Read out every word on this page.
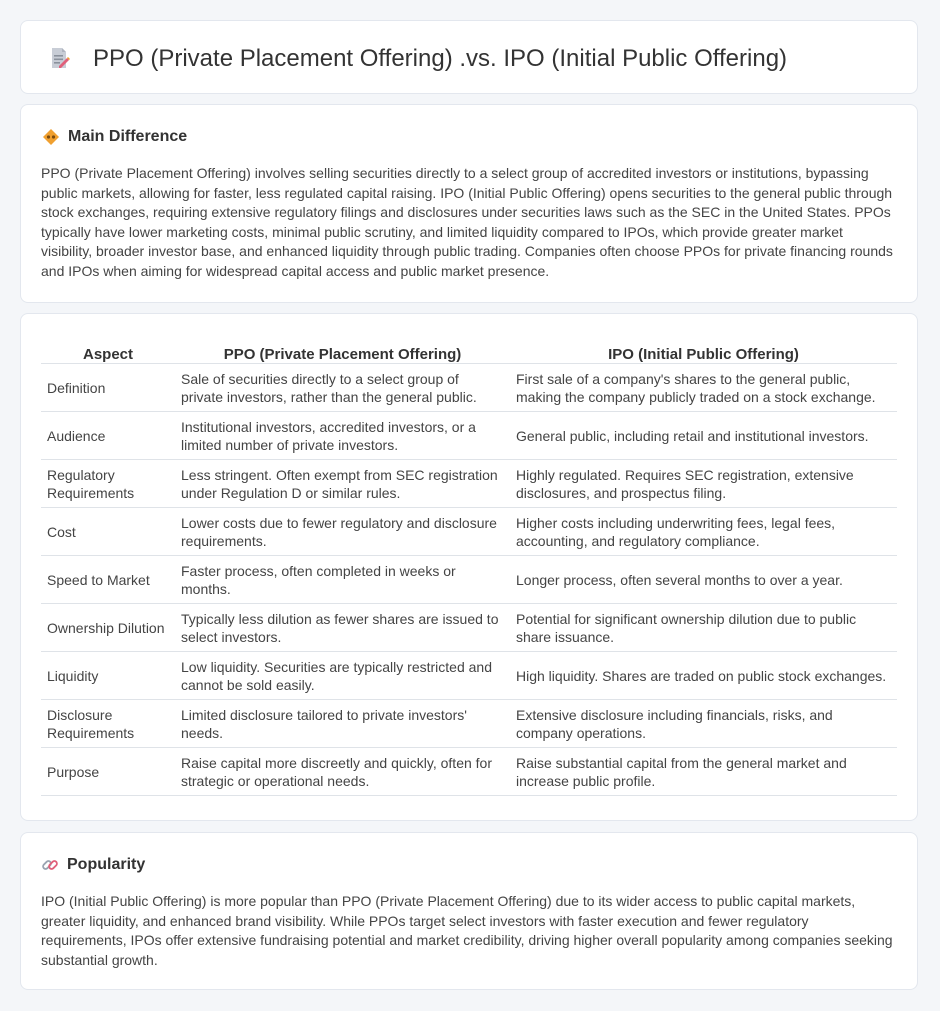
PPO (Private Placement Offering) .vs. IPO (Initial Public Offering)
Main Difference

PPO (Private Placement Offering) involves selling securities directly to a select group of accredited investors or institutions, bypassing public markets, allowing for faster, less regulated capital raising. IPO (Initial Public Offering) opens securities to the general public through stock exchanges, requiring extensive regulatory filings and disclosures under securities laws such as the SEC in the United States. PPOs typically have lower marketing costs, minimal public scrutiny, and limited liquidity compared to IPOs, which provide greater market visibility, broader investor base, and enhanced liquidity through public trading. Companies often choose PPOs for private financing rounds and IPOs when aiming for widespread capital access and public market presence.

Aspect	PPO (Private Placement Offering)	IPO (Initial Public Offering)
Definition	Sale of securities directly to a select group of private investors, rather than the general public.	First sale of a company's shares to the general public, making the company publicly traded on a stock exchange.
Audience	Institutional investors, accredited investors, or a limited number of private investors.	General public, including retail and institutional investors.
Regulatory Requirements	Less stringent. Often exempt from SEC registration under Regulation D or similar rules.	Highly regulated. Requires SEC registration, extensive disclosures, and prospectus filing.
Cost	Lower costs due to fewer regulatory and disclosure requirements.	Higher costs including underwriting fees, legal fees, accounting, and regulatory compliance.
Speed to Market	Faster process, often completed in weeks or months.	Longer process, often several months to over a year.
Ownership Dilution	Typically less dilution as fewer shares are issued to select investors.	Potential for significant ownership dilution due to public share issuance.
Liquidity	Low liquidity. Securities are typically restricted and cannot be sold easily.	High liquidity. Shares are traded on public stock exchanges.
Disclosure Requirements	Limited disclosure tailored to private investors' needs.	Extensive disclosure including financials, risks, and company operations.
Purpose	Raise capital more discreetly and quickly, often for strategic or operational needs.	Raise substantial capital from the general market and increase public profile.
Popularity

IPO (Initial Public Offering) is more popular than PPO (Private Placement Offering) due to its wider access to public capital markets, greater liquidity, and enhanced brand visibility. While PPOs target select investors with faster execution and fewer regulatory requirements, IPOs offer extensive fundraising potential and market credibility, driving higher overall popularity among companies seeking substantial growth.
